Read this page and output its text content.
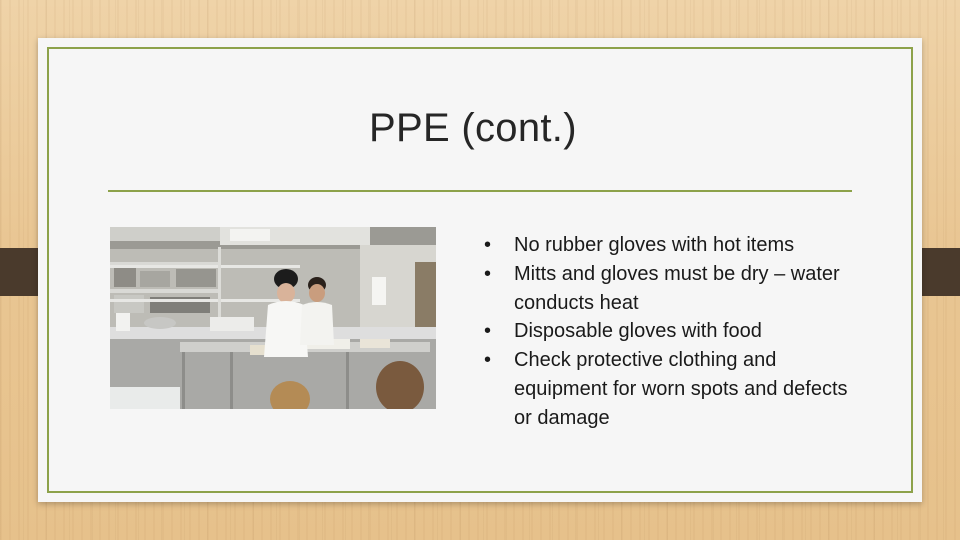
PPE (cont.)
• No rubber gloves with hot items
• Mitts and gloves must be dry – water conducts heat
• Disposable gloves with food
• Check protective clothing and equipment for worn spots and defects or damage
